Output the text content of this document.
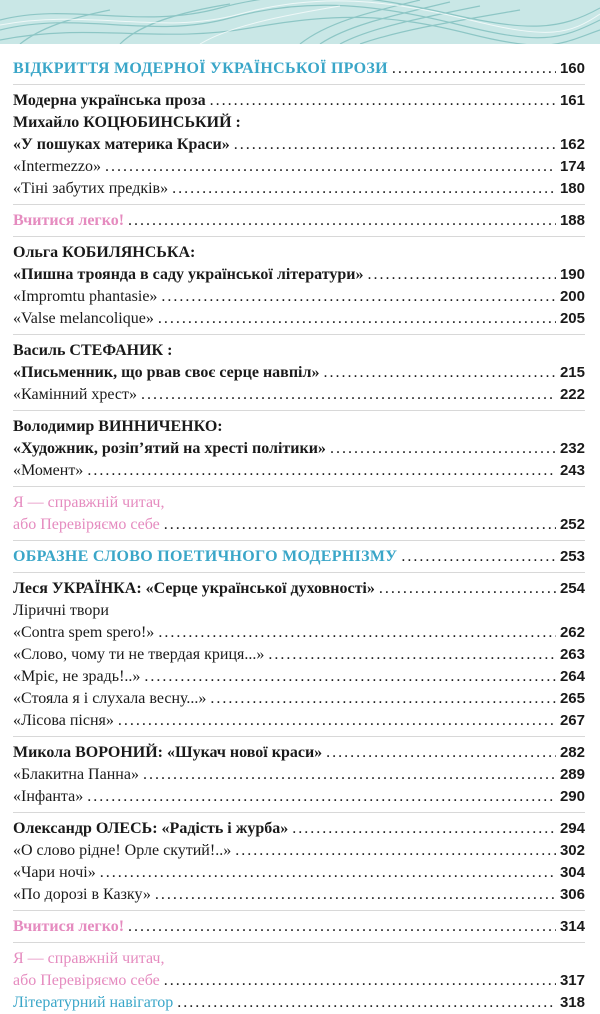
ВІДКРИТТЯ МОДЕРНОЇ УКРАЇНСЬКОЇ ПРОЗИ .....	160
Модерна українська проза .....	161
Михайло КОЦЮБИНСЬКИЙ :
«У пошуках материка Краси» .....	162
«Intermezzo» .....	174
«Тіні забутих предків» .....	180
Вчитися легко! .....	188
Ольга КОБИЛЯНСЬКА:
«Пишна троянда в саду української літератури» .....	190
«Impromtu phantasie» .....	200
«Valse melancolique» .....	205
Василь СТЕФАНИК :
«Письменник, що рвав своє серце навпіл» .....	215
«Камінний хрест» .....	222
Володимир ВИННИЧЕНКО:
«Художник, розіп’ятий на хресті політики» .....	232
«Момент» .....	243
Я — справжній читач,
або Перевіряємо себе .....	252
ОБРАЗНЕ СЛОВО ПОЕТИЧНОГО МОДЕРНІЗМУ .....	253
Леся УКРАЇНКА: «Серце української духовності» .....	254
Ліричні твори
«Contra spem spero!» .....	262
«Слово, чому ти не твердая криця...» .....	263
«Мріє, не зрадь!..» .....	264
«Стояла я і слухала весну...» .....	265
«Лісова пісня» .....	267
Микола ВОРОНИЙ: «Шукач нової краси» .....	282
«Блакитна Панна» .....	289
«Інфанта» .....	290
Олександр ОЛЕСЬ: «Радість і журба» .....	294
«О слово рідне! Орле скутий!..» .....	302
«Чари ночі» .....	304
«По дорозі в Казку» .....	306
Вчитися легко! .....	314
Я — справжній читач,
або Перевіряємо себе .....	317
Літературний навігатор .....	318
